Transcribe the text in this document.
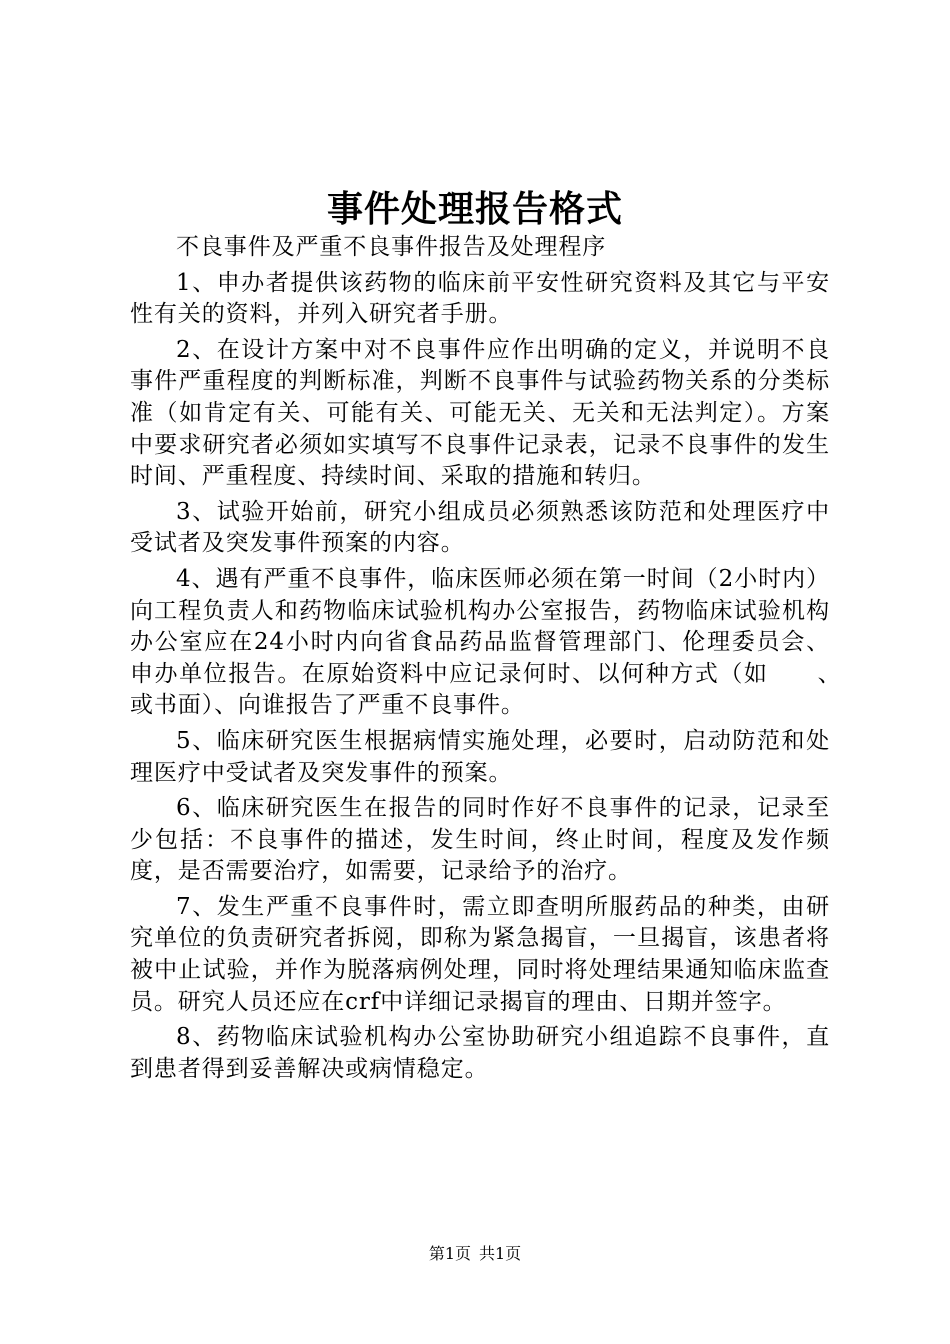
事件处理报告格式

不良事件及严重不良事件报告及处理程序

1、申办者提供该药物的临床前平安性研究资料及其它与平安性有关的资料，并列入研究者手册。

2、在设计方案中对不良事件应作出明确的定义，并说明不良事件严重程度的判断标准，判断不良事件与试验药物关系的分类标准（如肯定有关、可能有关、可能无关、无关和无法判定）。方案中要求研究者必须如实填写不良事件记录表，记录不良事件的发生时间、严重程度、持续时间、采取的措施和转归。

3、试验开始前，研究小组成员必须熟悉该防范和处理医疗中受试者及突发事件预案的内容。

4、遇有严重不良事件，临床医师必须在第一时间（2小时内）向工程负责人和药物临床试验机构办公室报告，药物临床试验机构办公室应在24小时内向省食品药品监督管理部门、伦理委员会、申办单位报告。在原始资料中应记录何时、以何种方式（如　　、　　或书面）、向谁报告了严重不良事件。

5、临床研究医生根据病情实施处理，必要时，启动防范和处理医疗中受试者及突发事件的预案。

6、临床研究医生在报告的同时作好不良事件的记录，记录至少包括：不良事件的描述，发生时间，终止时间，程度及发作频度，是否需要治疗，如需要，记录给予的治疗。

7、发生严重不良事件时，需立即查明所服药品的种类，由研究单位的负责研究者拆阅，即称为紧急揭盲，一旦揭盲，该患者将被中止试验，并作为脱落病例处理，同时将处理结果通知临床监查员。研究人员还应在crf中详细记录揭盲的理由、日期并签字。

8、药物临床试验机构办公室协助研究小组追踪不良事件，直到患者得到妥善解决或病情稳定。

第1页 共1页
